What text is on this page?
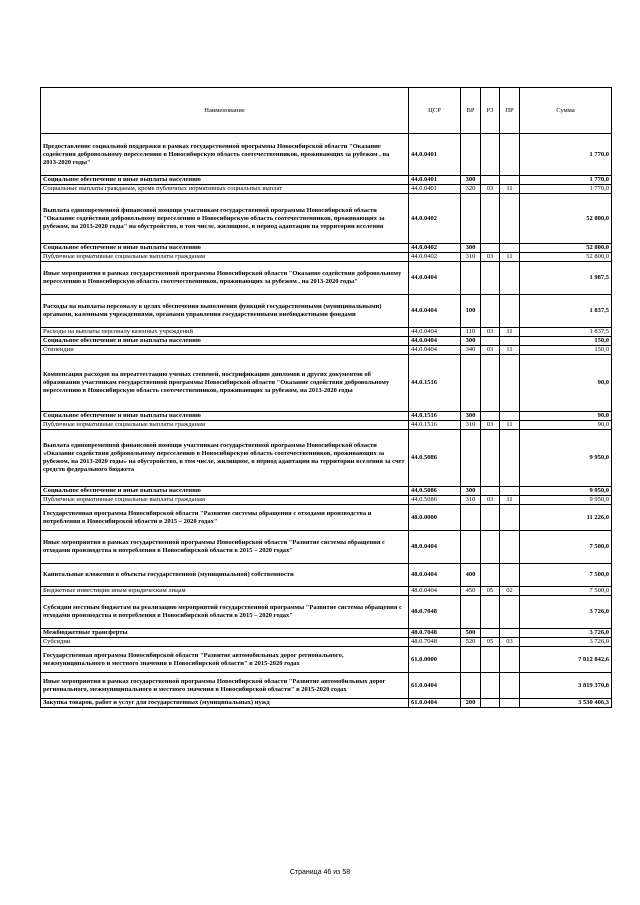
Наименование	ЦСР	ВР	РЗ	ПР	Сумма
Предоставление социальной поддержки в рамках государственной программы Новосибирской области "Оказание содействия добровольному переселению в Новосибирскую область соотечественников, проживающих за рубежом , на 2013-2020 годы"	44.0.0401				1 770,0
Социальное обеспечение и иные выплаты населению	44.0.0401	300			1 770,0
Социальные выплаты гражданам, кроме публичных нормативных социальных выплат	44.0.0401	320	03	11	1 770,0
Выплата единовременной финансовой помощи участникам государственной программы Новосибирской области "Оказание содействия добровольному переселению в Новосибирскую область соотечественников, проживающих за рубежом, на 2013-2020 годы" на обустройство, в том числе, жилищное, в период адаптации на территории вселения	44.0.0402				52 800,0
Социальное обеспечение и иные выплаты населению	44.0.0402	300			52 800,0
Публичные нормативные социальные выплаты гражданам	44.0.0402	310	03	11	52 800,0
Иные мероприятия в рамках государственной программы Новосибирской области "Оказание содействия добровольному переселению в Новосибирскую область соотечественников, проживающих за рубежом , на 2013-2020 годы"	44.0.0404				1 987,5
Расходы на выплаты персоналу в целях обеспечения выполнения функций государственными (муниципальными) органами, казенными учреждениями, органами управления государственными внебюджетными фондами	44.0.0404	100			1 837,5
Расходы на выплаты персоналу казенных учреждений	44.0.0404	110	03	11	1 837,5
Социальное обеспечение и иные выплаты населению	44.0.0404	300			150,0
Стипендии	44.0.0404	340	03	11	150,0
Компенсация расходов на переаттестацию ученых степеней, нострификацию дипломов и других документов об образовании участникам государственной программы Новосибирской области "Оказание содействия добровольному переселению в Новосибирскую область соотечественников, проживающих за рубежом, на 2013-2020 годы	44.0.1516				90,0
Социальное обеспечение и иные выплаты населению	44.0.1516	300			90,0
Публичные нормативные социальные выплаты гражданам	44.0.1516	310	03	11	90,0
Выплата единовременной финансовой помощи участникам государственной программы Новосибирской области «Оказание содействия добровольному переселению в Новосибирскую область соотечественников, проживающих за рубежом, на 2013-2020 годы» на обустройство, в том числе, жилищное, в период адаптации на территории вселения за счет средств федерального бюджета	44.0.5086				9 950,0
Социальное обеспечение и иные выплаты населению	44.0.5086	300			9 950,0
Публичные нормативные социальные выплаты гражданам	44.0.5086	310	03	11	9 950,0
Государственная программа Новосибирской области "Развитие системы обращения с отходами производства и потребления в Новосибирской области в 2015 – 2020 годах"	48.0.0000				11 226,0
Иные мероприятия в рамках государственной программы Новосибирской области "Развитие системы обращения с отходами производства и потребления в Новосибирской области в 2015 – 2020 годах"	48.0.0404				7 500,0
Капитальные вложения в объекты государственной (муниципальной) собственности	48.0.0404	400			7 500,0
Бюджетные инвестиции иным юридическим лицам	48.0.0404	450	05	02	7 500,0
Субсидии местным бюджетам на реализацию мероприятий государственной программы "Развитие системы обращения с отходами производства и потребления в Новосибирской области в 2015 – 2020 годах"	48.0.7048				3 726,0
Межбюджетные трансферты	48.0.7048	500			3 726,0
Субсидии	48.0.7048	520	05	03	3 726,0
Государственная программа Новосибирской области "Развитие автомобильных дорог регионального, межмуниципального и местного значения в Новосибирской области" в 2015-2020 годах	61.0.0000				7 012 842,6
Иные мероприятия в рамках государственной программы Новосибирской области "Развитие автомобильных дорог регионального, межмуниципального и местного значения в Новосибирской области" в 2015-2020 годах	61.0.0404				3 819 370,8
Закупка товаров, работ и услуг для государственных (муниципальных) нужд	61.0.0404	200			3 530 406,3
Страница 46 из 58
